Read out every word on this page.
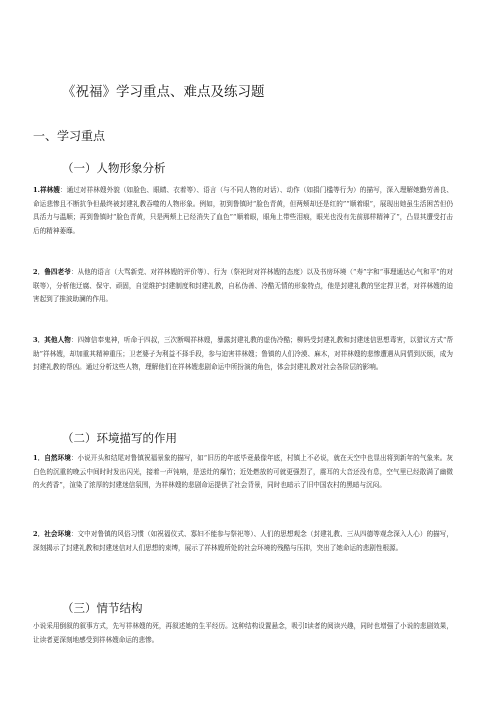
《祝福》学习重点、难点及练习题
一、学习重点
（一）人物形象分析
1.祥林嫂：通过对祥林嫂外貌（如脸色、眼睛、衣着等）、语言（与不同人物的对话）、动作（如捐门槛等行为）的描写，深入理解她勤劳善良、命运悲惨且不断抗争但最终被封建礼教吞噬的人物形象。例如，初到鲁镇时“脸色青黄，但两颊却还是红的”“顺着眼”，展现出她虽生活困苦但仍具活力与温顺；再到鲁镇时“脸色青黄，只是两颊上已经消失了血色”“顺着眼，眼角上带些泪痕，眼光也没有先前那样精神了”，凸显其遭受打击后的精神萎靡。
2．鲁四老爷：从他的语言（大骂新党、对祥林嫂的评价等）、行为（祭祀时对祥林嫂的态度）以及书房环境（“寿”字和“事理通达心气和平”的对联等），分析他迂腐、保守、顽固，自觉维护封建制度和封建礼教，自私伪善、冷酷无情的形象特点，他是封建礼教的坚定捍卫者，对祥林嫂的迫害起到了推波助澜的作用。
3．其他人物：四婶信奉鬼神，听命于四叔，三次断喝祥林嫂，暴露封建礼教的虚伪冷酷；柳妈受封建礼教和封建迷信思想毒害，以猎议方式“帮助”祥林嫂，却加重其精神重压；卫老婆子为利益不择手段，参与迫害祥林嫂；鲁镇的人们冷漠、麻木，对祥林嫂的悲惨遭遇从同情到厌烦，成为封建礼教的帮凶。通过分析这些人物，理解他们在祥林嫂悲剧命运中所扮演的角色，体会封建礼教对社会各阶层的影响。
（二）环境描写的作用
1．自然环境：小说开头和结尾对鲁镇祝福景象的描写，如“旧历的年底毕竟最像年底，村镇上不必说，就在天空中也显出将到新年的气象来。灰白色的沉重的晚云中间时时发出闪光，接着一声钝响，是送灶的爆竹；近处燃放的可就更强烈了，震耳的大音还没有息，空气里已经散满了幽微的火药香”，渲染了浓厚的封建迷信氛围，为祥林嫂的悲剧命运提供了社会背景，同时也暗示了旧中国农村的黑暗与沉闷。
2．社会环境：文中对鲁镇的风俗习惯（如祝福仪式、寡妇不能参与祭祀等）、人们的思想观念（封建礼教、三从四德等观念深入人心）的描写，深刻揭示了封建礼教和封建迷信对人们思想的束缚，展示了祥林嫂所处的社会环境的残酷与压抑，突出了她命运的悲剧性根源。
（三）情节结构
小说采用倒叙的叙事方式，先写祥林嫂的死，再叙述她的生平经历。这种结构设置悬念，吸引I读者的阅读兴趣，同时也增强了小说的悲剧效果，让读者更深刻地感受到祥林嫂命运的悲惨。
